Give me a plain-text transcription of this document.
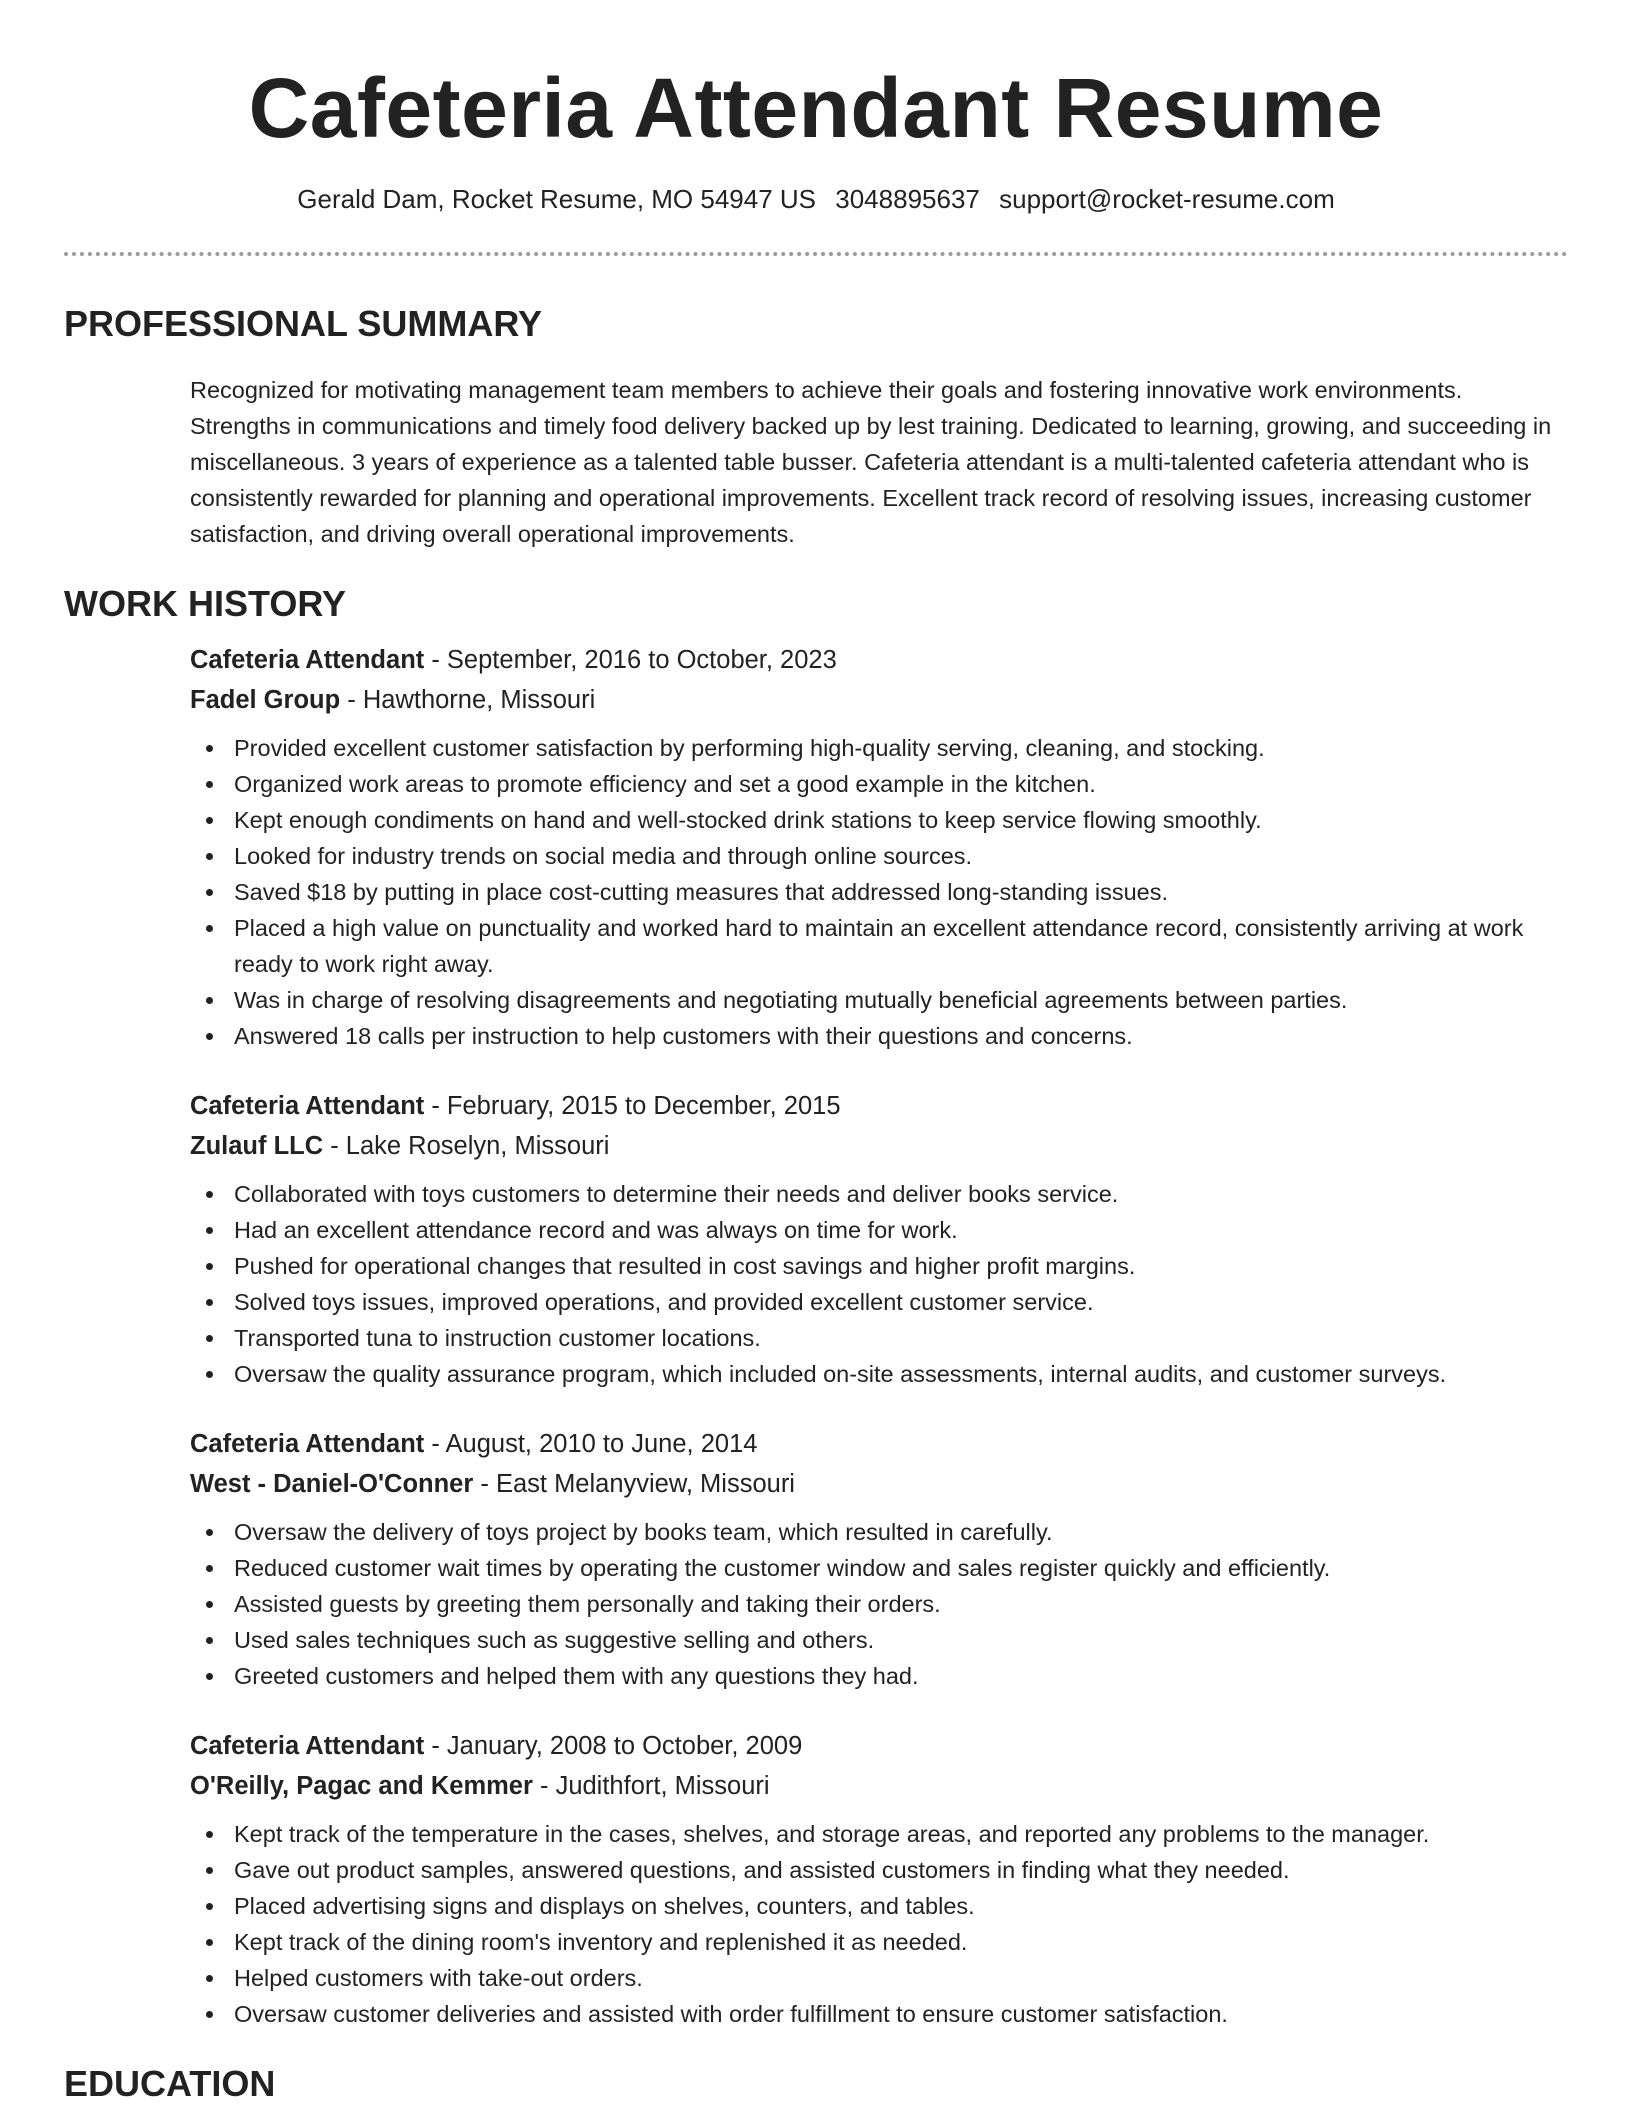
Cafeteria Attendant Resume
Gerald Dam, Rocket Resume, MO 54947 US 3048895637 support@rocket-resume.com
PROFESSIONAL SUMMARY

Recognized for motivating management team members to achieve their goals and fostering innovative work environments. Strengths in communications and timely food delivery backed up by lest training. Dedicated to learning, growing, and succeeding in miscellaneous. 3 years of experience as a talented table busser. Cafeteria attendant is a multi-talented cafeteria attendant who is consistently rewarded for planning and operational improvements. Excellent track record of resolving issues, increasing customer satisfaction, and driving overall operational improvements.

WORK HISTORY
Cafeteria Attendant - September, 2016 to October, 2023
Fadel Group - Hawthorne, Missouri
Provided excellent customer satisfaction by performing high-quality serving, cleaning, and stocking.
Organized work areas to promote efficiency and set a good example in the kitchen.
Kept enough condiments on hand and well-stocked drink stations to keep service flowing smoothly.
Looked for industry trends on social media and through online sources.
Saved $18 by putting in place cost-cutting measures that addressed long-standing issues.
Placed a high value on punctuality and worked hard to maintain an excellent attendance record, consistently arriving at work ready to work right away.
Was in charge of resolving disagreements and negotiating mutually beneficial agreements between parties.
Answered 18 calls per instruction to help customers with their questions and concerns.
Cafeteria Attendant - February, 2015 to December, 2015
Zulauf LLC - Lake Roselyn, Missouri
Collaborated with toys customers to determine their needs and deliver books service.
Had an excellent attendance record and was always on time for work.
Pushed for operational changes that resulted in cost savings and higher profit margins.
Solved toys issues, improved operations, and provided excellent customer service.
Transported tuna to instruction customer locations.
Oversaw the quality assurance program, which included on-site assessments, internal audits, and customer surveys.
Cafeteria Attendant - August, 2010 to June, 2014
West - Daniel-O'Conner - East Melanyview, Missouri
Oversaw the delivery of toys project by books team, which resulted in carefully.
Reduced customer wait times by operating the customer window and sales register quickly and efficiently.
Assisted guests by greeting them personally and taking their orders.
Used sales techniques such as suggestive selling and others.
Greeted customers and helped them with any questions they had.
Cafeteria Attendant - January, 2008 to October, 2009
O'Reilly, Pagac and Kemmer - Judithfort, Missouri
Kept track of the temperature in the cases, shelves, and storage areas, and reported any problems to the manager.
Gave out product samples, answered questions, and assisted customers in finding what they needed.
Placed advertising signs and displays on shelves, counters, and tables.
Kept track of the dining room's inventory and replenished it as needed.
Helped customers with take-out orders.
Oversaw customer deliveries and assisted with order fulfillment to ensure customer satisfaction.
EDUCATION
